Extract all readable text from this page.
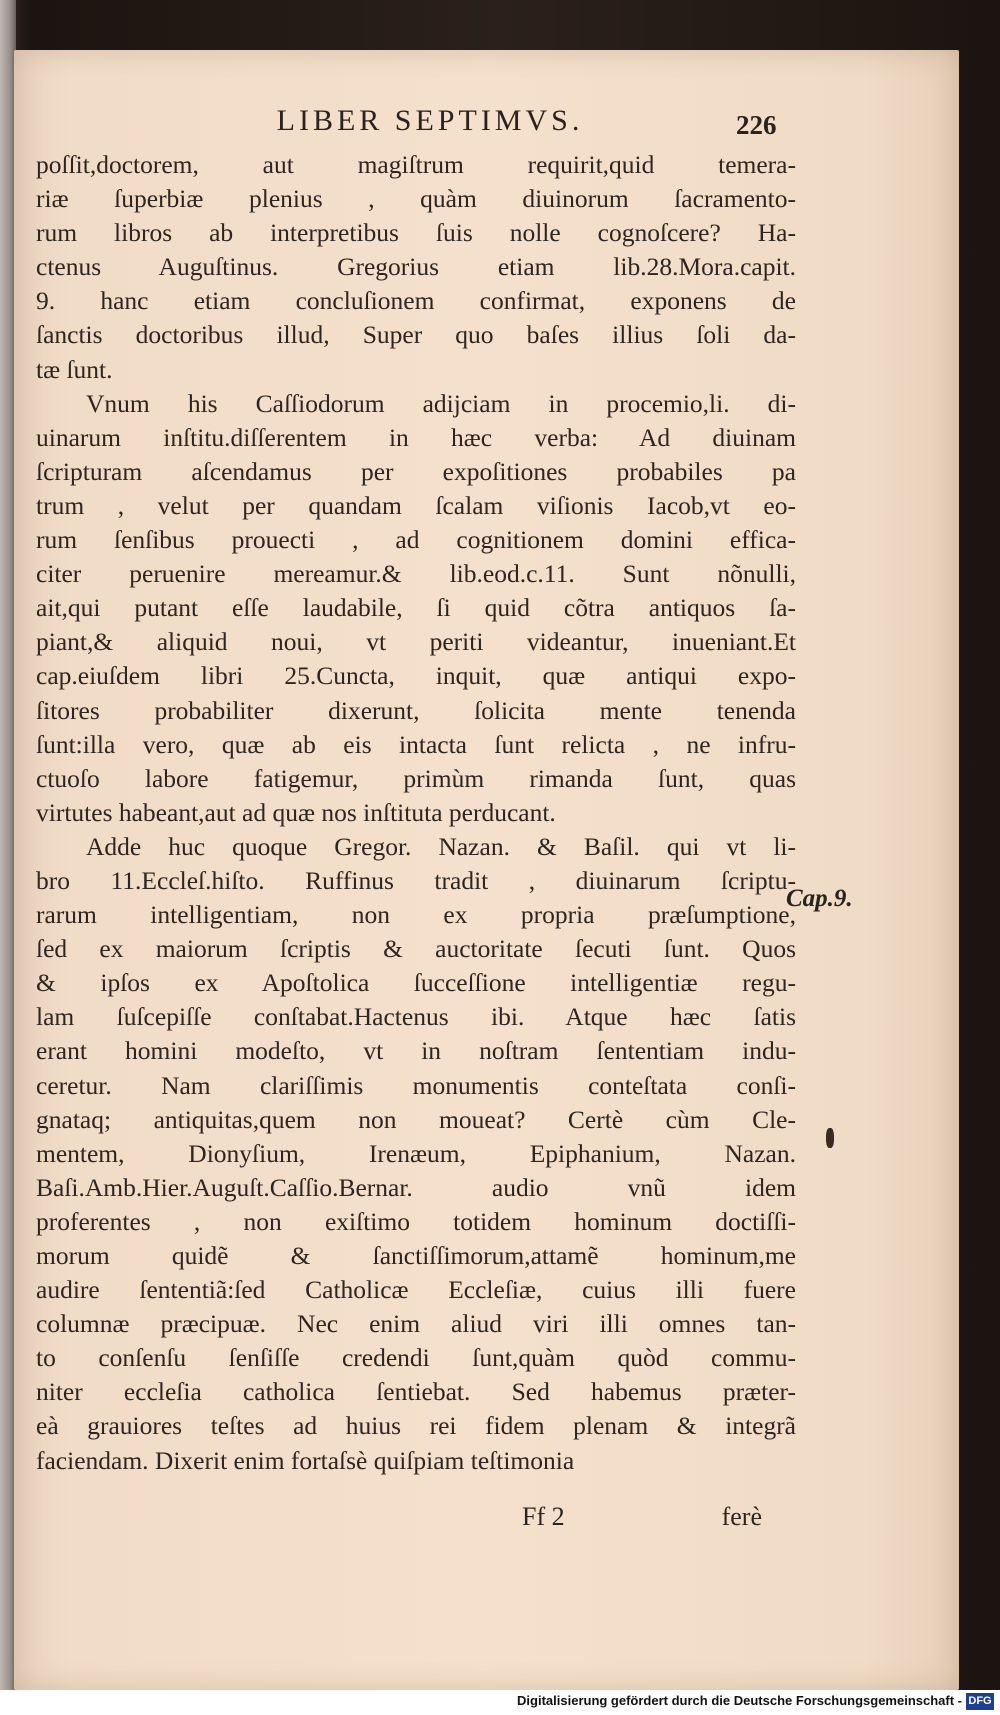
LIBER SEPTIMVS.	226
poſſit,doctorem, aut magiſtrum requirit,quid temera-
riæ ſuperbiæ plenius , quàm diuinorum ſacramento-
rum libros ab interpretibus ſuis nolle cognoſcere? Ha-
ctenus Auguſtinus. Gregorius etiam lib.28.Mora.capit.
9. hanc etiam concluſionem confirmat, exponens de
ſanctis doctoribus illud, Super quo baſes illius ſoli da-
tæ ſunt.
Vnum his Caſſiodorum adijciam in procemio,li. di-
uinarum inſtitu.diſſerentem in hæc verba: Ad diuinam
ſcripturam aſcendamus per expoſitiones probabiles pa
trum , velut per quandam ſcalam viſionis Iacob,vt eo-
rum ſenſibus prouecti , ad cognitionem domini effica-
citer peruenire mereamur.& lib.eod.c.11. Sunt nõnulli,
ait,qui putant eſſe laudabile, ſi quid cõtra antiquos ſa-
piant,& aliquid noui, vt periti videantur, inueniant.Et
cap.eiuſdem libri 25.Cuncta, inquit, quæ antiqui expo-
ſitores probabiliter dixerunt, ſolicita mente tenenda
ſunt:illa vero, quæ ab eis intacta ſunt relicta , ne infru-
ctuoſo labore fatigemur, primùm rimanda ſunt, quas
virtutes habeant,aut ad quæ nos inſtituta perducant.
Adde huc quoque Gregor. Nazan. & Baſil. qui vt li-
bro 11.Eccleſ.hiſto. Ruffinus tradit , diuinarum ſcriptu-
rarum intelligentiam, non ex propria præſumptione,
ſed ex maiorum ſcriptis & auctoritate ſecuti ſunt. Quos
& ipſos ex Apoſtolica ſucceſſione intelligentiæ regu-
lam ſuſcepiſſe conſtabat.Hactenus ibi. Atque hæc ſatis
erant homini modeſto, vt in noſtram ſententiam indu-
ceretur. Nam clariſſimis monumentis conteſtata conſi-
gnataq; antiquitas,quem non moueat? Certè cùm Cle-
mentem, Dionyſium, Irenæum, Epiphanium, Nazan.
Baſi.Amb.Hier.Auguſt.Caſſio.Bernar. audio vnũ idem
proferentes , non exiſtimo totidem hominum doctiſſi-
morum quidẽ & ſanctiſſimorum,attamẽ hominum,me
audire ſententiã:ſed Catholicæ Eccleſiæ, cuius illi fuere
columnæ præcipuæ. Nec enim aliud viri illi omnes tan-
to conſenſu ſenſiſſe credendi ſunt,quàm quòd commu-
niter eccleſia catholica ſentiebat. Sed habemus præter-
eà grauiores teſtes ad huius rei fidem plenam & integrã
faciendam. Dixerit enim fortaſsè quiſpiam teſtimonia
Cap.9.
Ff 2	ferè
Digitalisierung gefördert durch die Deutsche Forschungsgemeinschaft - DFG
